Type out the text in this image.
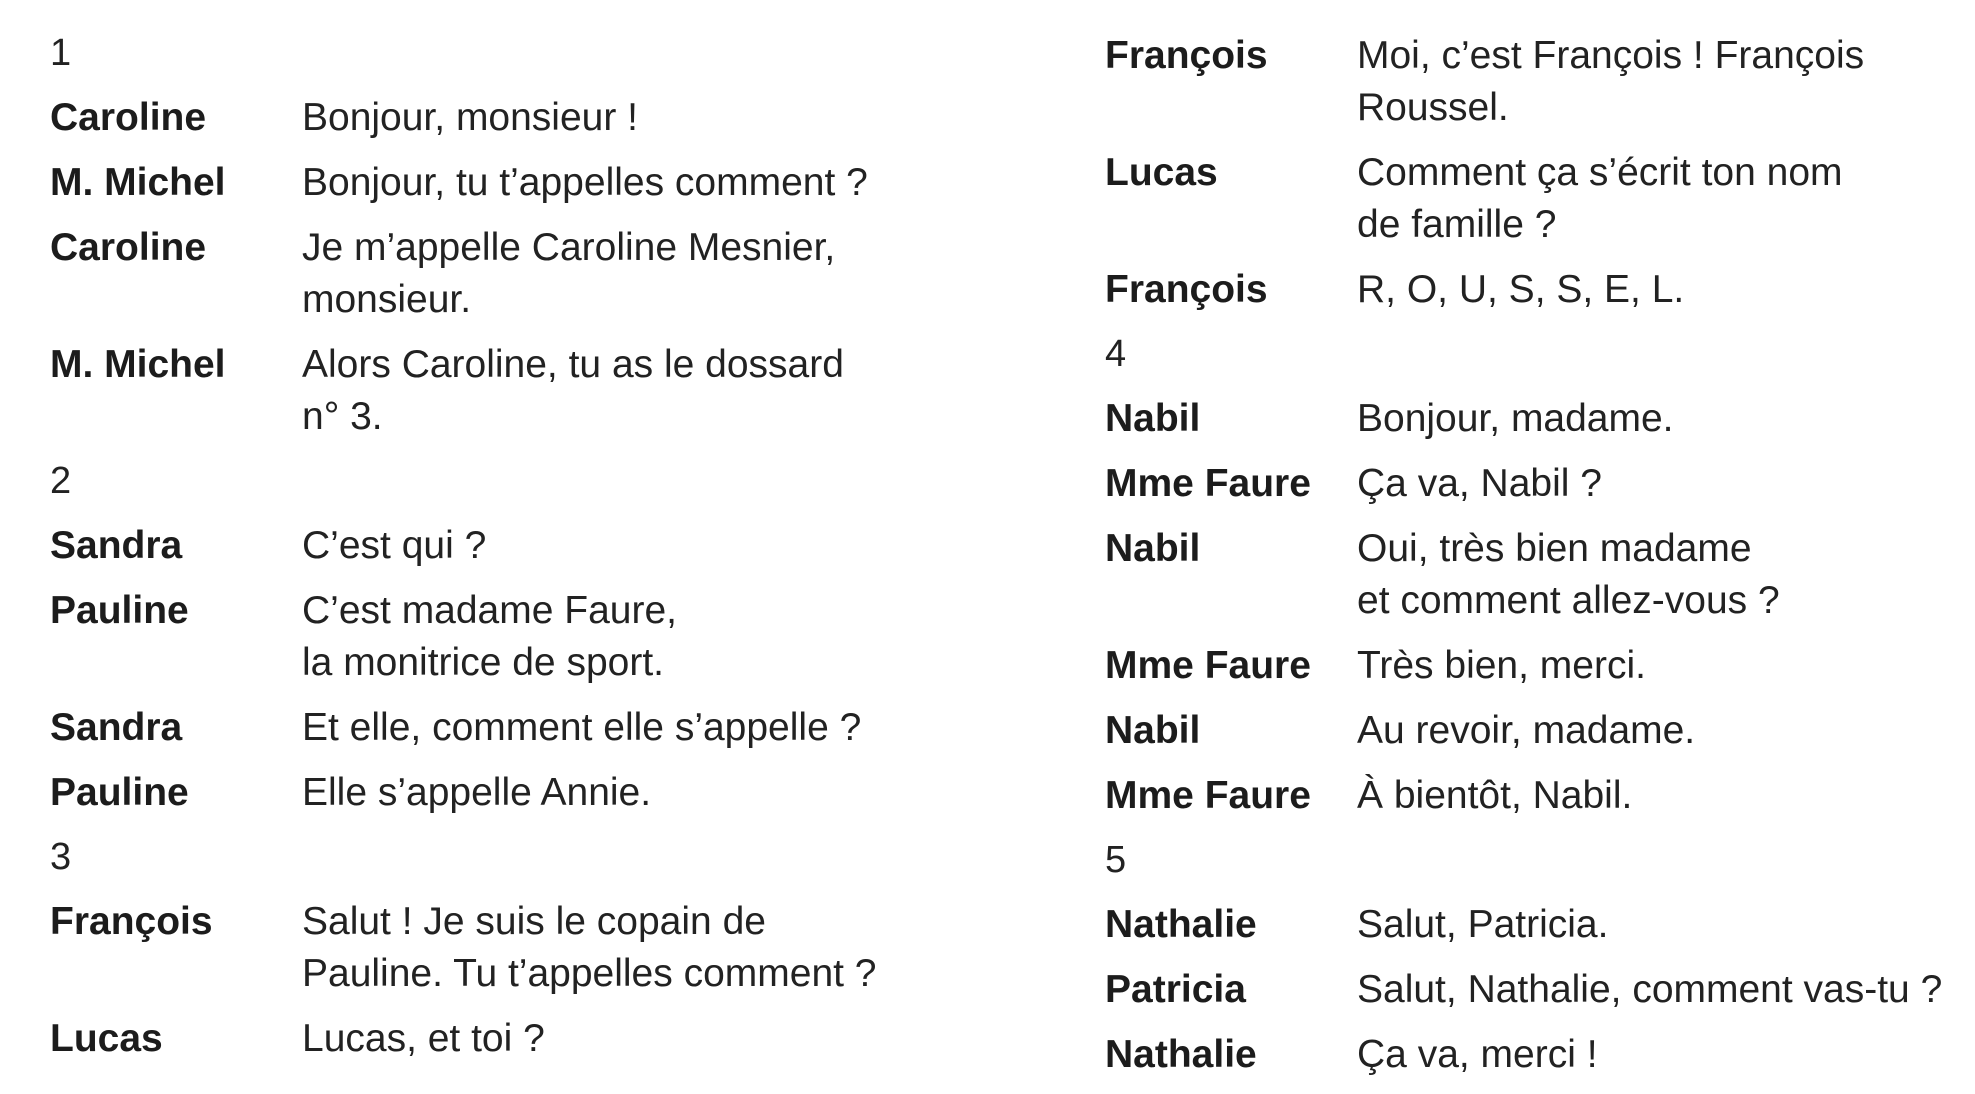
1
Caroline	Bonjour, monsieur !
M. Michel	Bonjour, tu t’appelles comment ?
Caroline	Je m’appelle Caroline Mesnier,
monsieur.
M. Michel	Alors Caroline, tu as le dossard
n° 3.
2
Sandra	C’est qui ?
Pauline	C’est madame Faure,
la monitrice de sport.
Sandra	Et elle, comment elle s’appelle ?
Pauline	Elle s’appelle Annie.
3
François	Salut ! Je suis le copain de
Pauline. Tu t’appelles comment ?
Lucas	Lucas, et toi ?
François	Moi, c’est François ! François
Roussel.
Lucas	Comment ça s’écrit ton nom
de famille ?
François	R, O, U, S, S, E, L.
4
Nabil	Bonjour, madame.
Mme Faure	Ça va, Nabil ?
Nabil	Oui, très bien madame
et comment allez-vous ?
Mme Faure	Très bien, merci.
Nabil	Au revoir, madame.
Mme Faure	À bientôt, Nabil.
5
Nathalie	Salut, Patricia.
Patricia	Salut, Nathalie, comment vas-tu ?
Nathalie	Ça va, merci !
